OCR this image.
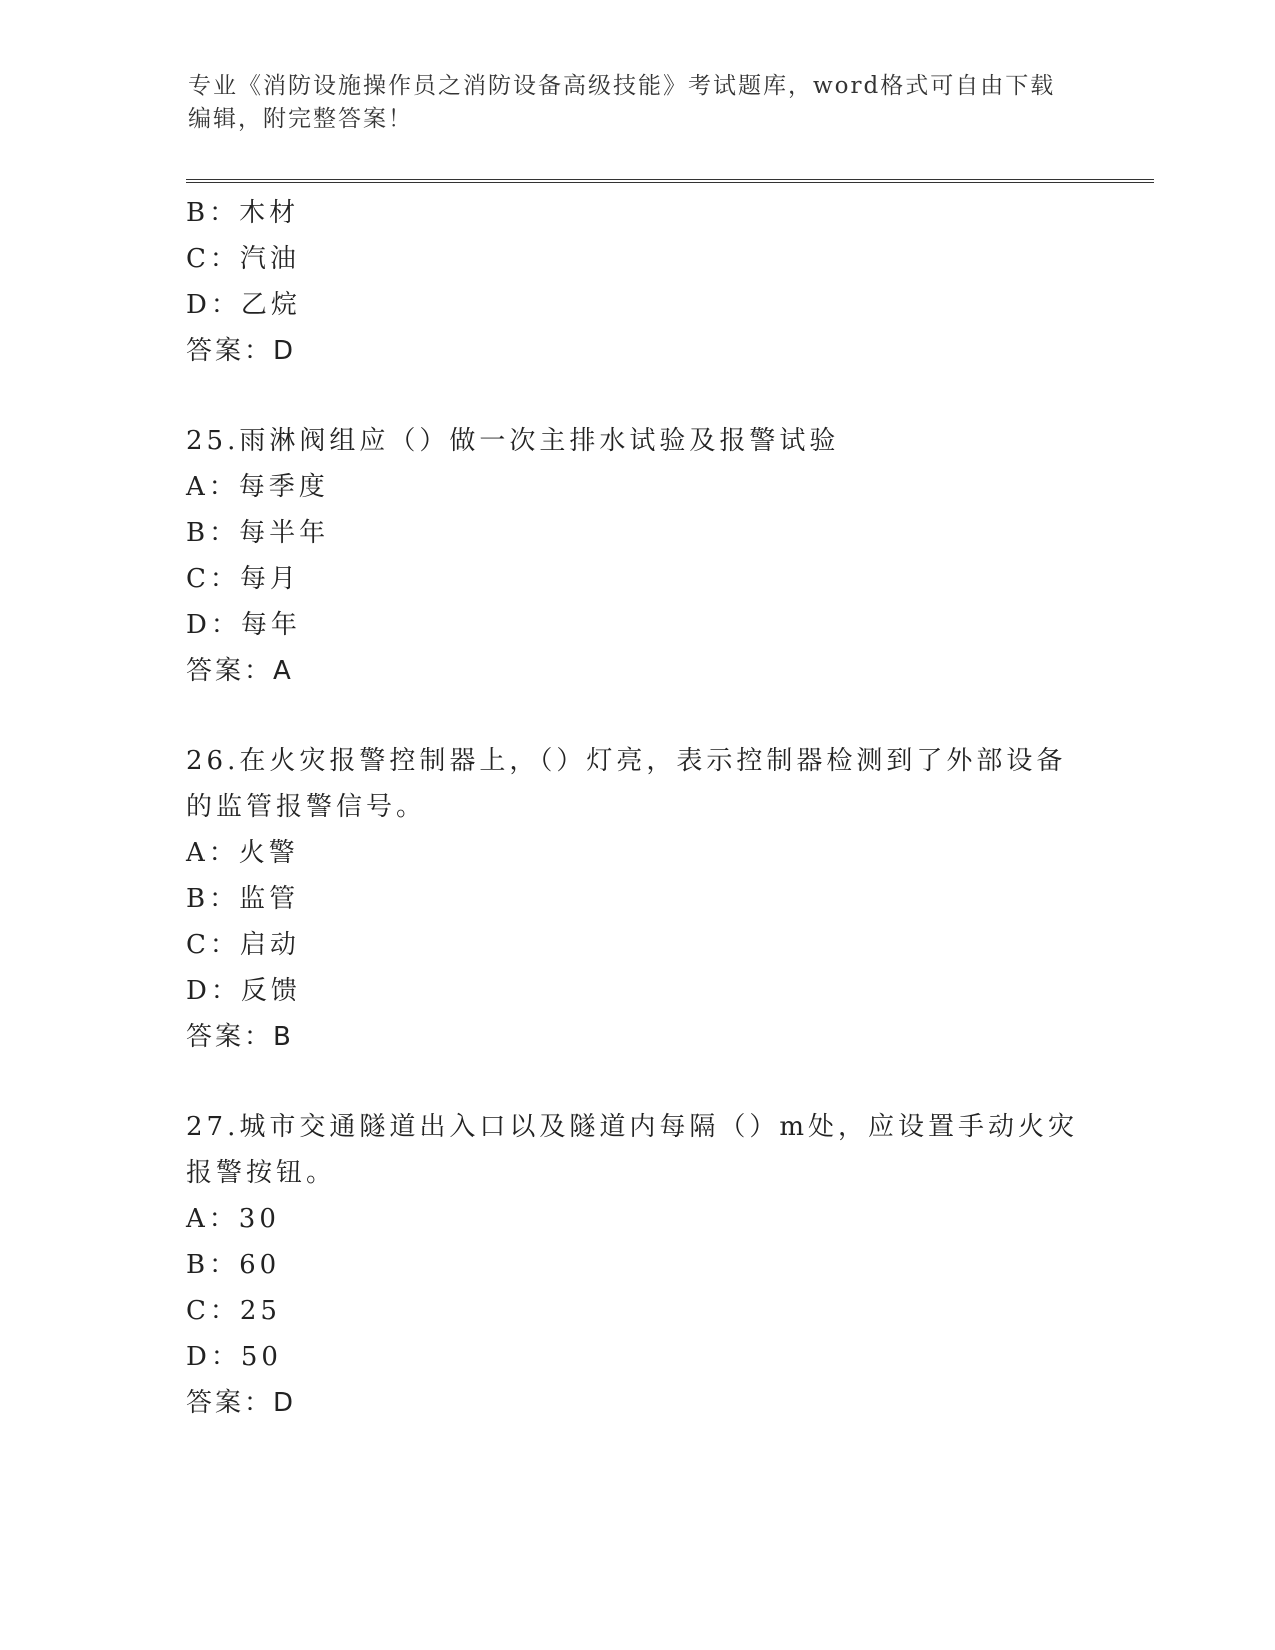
专业《消防设施操作员之消防设备高级技能》考试题库，word格式可自由下载编辑，附完整答案！
B：木材
C：汽油
D：乙烷
答案：D
25.雨淋阀组应（）做一次主排水试验及报警试验
A：每季度
B：每半年
C：每月
D：每年
答案：A
26.在火灾报警控制器上，（）灯亮，表示控制器检测到了外部设备的监管报警信号。
A：火警
B：监管
C：启动
D：反馈
答案：B
27.城市交通隧道出入口以及隧道内每隔（）m处，应设置手动火灾报警按钮。
A：30
B：60
C：25
D：50
答案：D
